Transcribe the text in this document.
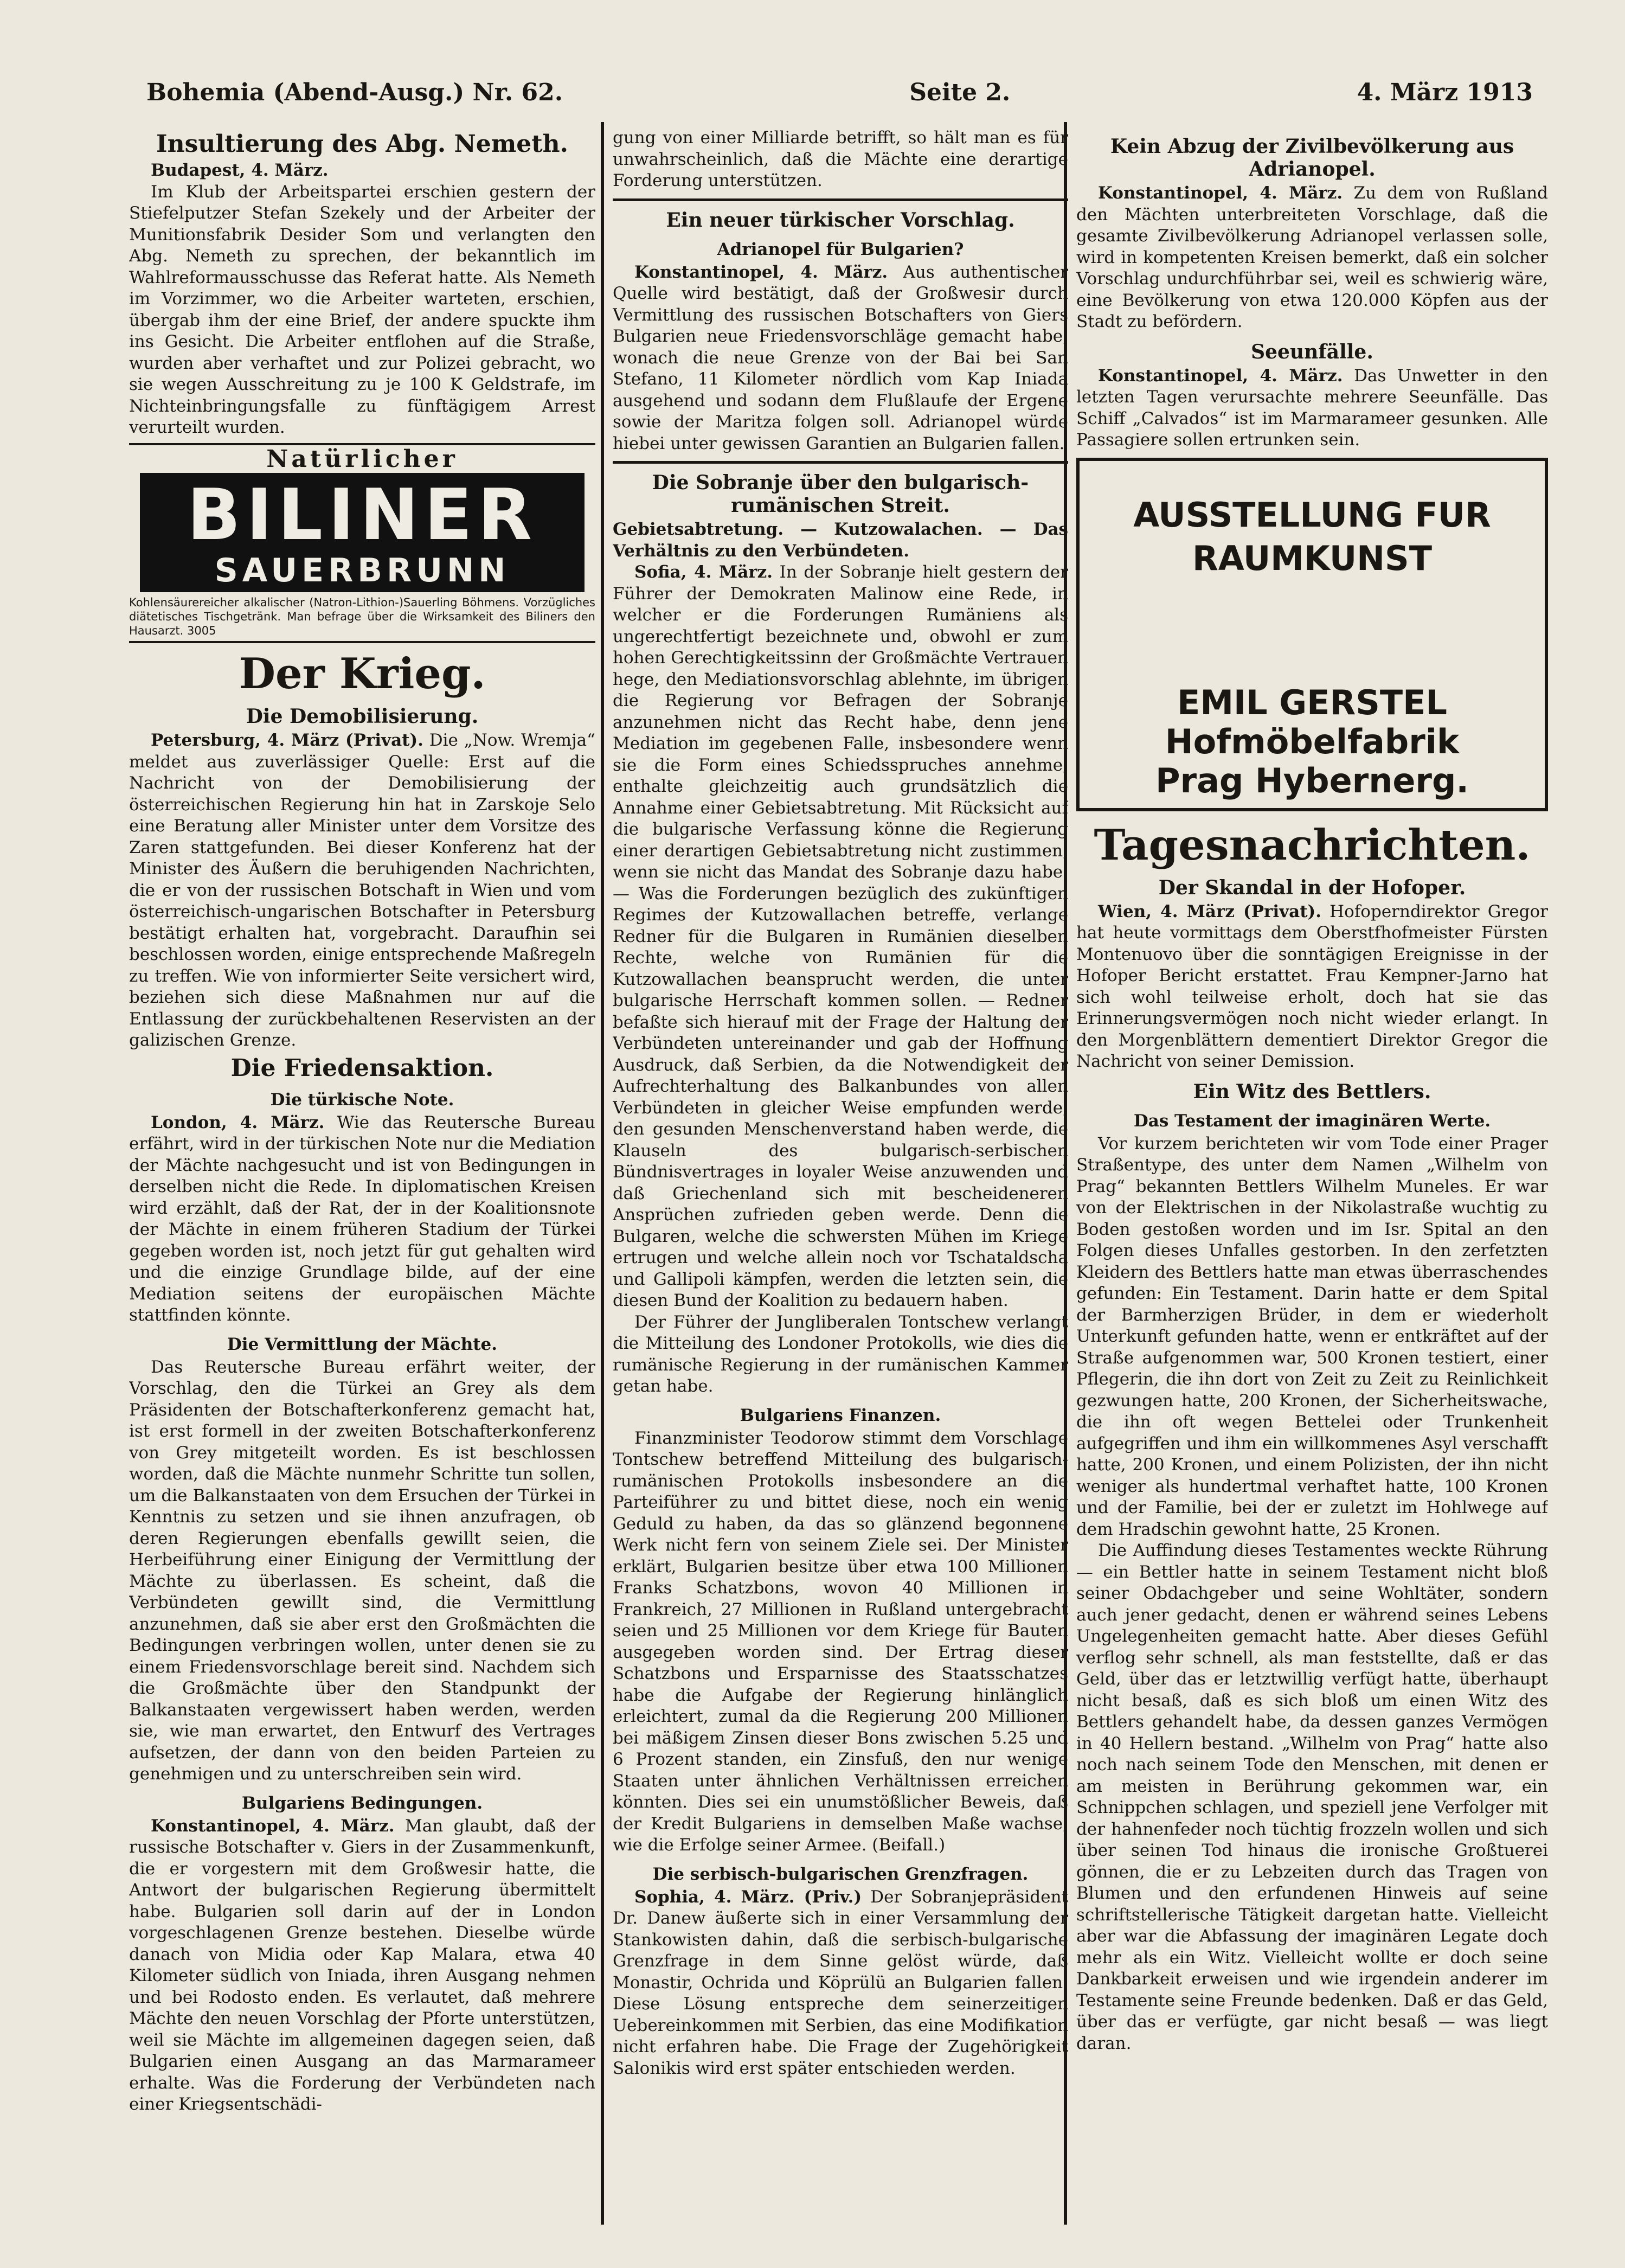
Bohemia (Abend-Ausg.) Nr. 62.	Seite 2.	4. März 1913
Insultierung des Abg. Nemeth.

Budapest, 4. März.

Im Klub der Arbeitspartei erschien gestern der Stiefelputzer Stefan Szekely und der Arbeiter der Munitionsfabrik Desider Som und verlangten den Abg. Nemeth zu sprechen, der bekanntlich im Wahlreformausschusse das Referat hatte. Als Nemeth im Vorzimmer, wo die Arbeiter warteten, erschien, übergab ihm der eine Brief, der andere spuckte ihm ins Gesicht. Die Arbeiter entflohen auf die Straße, wurden aber verhaftet und zur Polizei gebracht, wo sie wegen Ausschreitung zu je 100 K Geldstrafe, im Nichteinbringungsfalle zu fünftägigem Arrest verurteilt wurden.

Natürlicher
BILINER
SAUERBRUNN
Kohlensäurereicher alkalischer (Natron-Lithion-)Sauerling Böhmens. Vorzügliches diätetisches Tischgetränk. Man befrage über die Wirksamkeit des Biliners den Hausarzt. 3005
Der Krieg.
Die Demobilisierung.

Petersburg, 4. März (Privat). Die „Now. Wremja“ meldet aus zuverlässiger Quelle: Erst auf die Nachricht von der Demobilisierung der österreichischen Regierung hin hat in Zarskoje Selo eine Beratung aller Minister unter dem Vorsitze des Zaren stattgefunden. Bei dieser Konferenz hat der Minister des Äußern die beruhigenden Nachrichten, die er von der russischen Botschaft in Wien und vom österreichisch-ungarischen Botschafter in Petersburg bestätigt erhalten hat, vorgebracht. Daraufhin sei beschlossen worden, einige entsprechende Maßregeln zu treffen. Wie von informierter Seite versichert wird, beziehen sich diese Maßnahmen nur auf die Entlassung der zurückbehaltenen Reservisten an der galizischen Grenze.

Die Friedensaktion.
Die türkische Note.

London, 4. März. Wie das Reutersche Bureau erfährt, wird in der türkischen Note nur die Mediation der Mächte nachgesucht und ist von Bedingungen in derselben nicht die Rede. In diplomatischen Kreisen wird erzählt, daß der Rat, der in der Koalitionsnote der Mächte in einem früheren Stadium der Türkei gegeben worden ist, noch jetzt für gut gehalten wird und die einzige Grundlage bilde, auf der eine Mediation seitens der europäischen Mächte stattfinden könnte.

Die Vermittlung der Mächte.

Das Reutersche Bureau erfährt weiter, der Vorschlag, den die Türkei an Grey als dem Präsidenten der Botschafterkonferenz gemacht hat, ist erst formell in der zweiten Botschafterkonferenz von Grey mitgeteilt worden. Es ist beschlossen worden, daß die Mächte nunmehr Schritte tun sollen, um die Balkanstaaten von dem Ersuchen der Türkei in Kenntnis zu setzen und sie ihnen anzufragen, ob deren Regierungen ebenfalls gewillt seien, die Herbeiführung einer Einigung der Vermittlung der Mächte zu überlassen. Es scheint, daß die Verbündeten gewillt sind, die Vermittlung anzunehmen, daß sie aber erst den Großmächten die Bedingungen verbringen wollen, unter denen sie zu einem Friedensvorschlage bereit sind. Nachdem sich die Großmächte über den Standpunkt der Balkanstaaten vergewissert haben werden, werden sie, wie man erwartet, den Entwurf des Vertrages aufsetzen, der dann von den beiden Parteien zu genehmigen und zu unterschreiben sein wird.

Bulgariens Bedingungen.

Konstantinopel, 4. März. Man glaubt, daß der russische Botschafter v. Giers in der Zusammenkunft, die er vorgestern mit dem Großwesir hatte, die Antwort der bulgarischen Regierung übermittelt habe. Bulgarien soll darin auf der in London vorgeschlagenen Grenze bestehen. Dieselbe würde danach von Midia oder Kap Malara, etwa 40 Kilometer südlich von Iniada, ihren Ausgang nehmen und bei Rodosto enden. Es verlautet, daß mehrere Mächte den neuen Vorschlag der Pforte unterstützen, weil sie Mächte im allgemeinen dagegen seien, daß Bulgarien einen Ausgang an das Marmarameer erhalte. Was die Forderung der Verbündeten nach einer Kriegsentschädi-

gung von einer Milliarde betrifft, so hält man es für unwahrscheinlich, daß die Mächte eine derartige Forderung unterstützen.

Ein neuer türkischer Vorschlag.
Adrianopel für Bulgarien?

Konstantinopel, 4. März. Aus authentischer Quelle wird bestätigt, daß der Großwesir durch Vermittlung des russischen Botschafters von Giers Bulgarien neue Friedensvorschläge gemacht habe, wonach die neue Grenze von der Bai bei San Stefano, 11 Kilometer nördlich vom Kap Iniada ausgehend und sodann dem Flußlaufe der Ergene sowie der Maritza folgen soll. Adrianopel würde hiebei unter gewissen Garantien an Bulgarien fallen.

Die Sobranje über den bulgarisch-rumänischen Streit.

Gebietsabtretung. — Kutzowalachen. — Das Verhältnis zu den Verbündeten.

Sofia, 4. März. In der Sobranje hielt gestern der Führer der Demokraten Malinow eine Rede, in welcher er die Forderungen Rumäniens als ungerechtfertigt bezeichnete und, obwohl er zum hohen Gerechtigkeitssinn der Großmächte Vertrauen hege, den Mediationsvorschlag ablehnte, im übrigen die Regierung vor Befragen der Sobranje anzunehmen nicht das Recht habe, denn jene Mediation im gegebenen Falle, insbesondere wenn sie die Form eines Schiedsspruches annehme, enthalte gleichzeitig auch grundsätzlich die Annahme einer Gebietsabtretung. Mit Rücksicht auf die bulgarische Verfassung könne die Regierung einer derartigen Gebietsabtretung nicht zustimmen, wenn sie nicht das Mandat des Sobranje dazu habe. — Was die Forderungen bezüglich des zukünftigen Regimes der Kutzowallachen betreffe, verlange Redner für die Bulgaren in Rumänien dieselben Rechte, welche von Rumänien für die Kutzowallachen beansprucht werden, die unter bulgarische Herrschaft kommen sollen. — Redner befaßte sich hierauf mit der Frage der Haltung der Verbündeten untereinander und gab der Hoffnung Ausdruck, daß Serbien, da die Notwendigkeit der Aufrechterhaltung des Balkanbundes von allen Verbündeten in gleicher Weise empfunden werde, den gesunden Menschenverstand haben werde, die Klauseln des bulgarisch-serbischen Bündnisvertrages in loyaler Weise anzuwenden und daß Griechenland sich mit bescheideneren Ansprüchen zufrieden geben werde. Denn die Bulgaren, welche die schwersten Mühen im Kriege ertrugen und welche allein noch vor Tschataldscha und Gallipoli kämpfen, werden die letzten sein, die diesen Bund der Koalition zu bedauern haben.

Der Führer der Jungliberalen Tontschew verlangt die Mitteilung des Londoner Protokolls, wie dies die rumänische Regierung in der rumänischen Kammer getan habe.

Bulgariens Finanzen.

Finanzminister Teodorow stimmt dem Vorschlage Tontschew betreffend Mitteilung des bulgarisch-rumänischen Protokolls insbesondere an die Parteiführer zu und bittet diese, noch ein wenig Geduld zu haben, da das so glänzend begonnene Werk nicht fern von seinem Ziele sei. Der Minister erklärt, Bulgarien besitze über etwa 100 Millionen Franks Schatzbons, wovon 40 Millionen in Frankreich, 27 Millionen in Rußland untergebracht seien und 25 Millionen vor dem Kriege für Bauten ausgegeben worden sind. Der Ertrag dieser Schatzbons und Ersparnisse des Staatsschatzes habe die Aufgabe der Regierung hinlänglich erleichtert, zumal da die Regierung 200 Millionen bei mäßigem Zinsen dieser Bons zwischen 5.25 und 6 Prozent standen, ein Zinsfuß, den nur wenige Staaten unter ähnlichen Verhältnissen erreichen könnten. Dies sei ein unumstößlicher Beweis, daß der Kredit Bulgariens in demselben Maße wachse, wie die Erfolge seiner Armee. (Beifall.)

Die serbisch-bulgarischen Grenzfragen.

Sophia, 4. März. (Priv.) Der Sobranjepräsident Dr. Danew äußerte sich in einer Versammlung der Stankowisten dahin, daß die serbisch-bulgarische Grenzfrage in dem Sinne gelöst würde, daß Monastir, Ochrida und Köprülü an Bulgarien fallen. Diese Lösung entspreche dem seinerzeitigen Uebereinkommen mit Serbien, das eine Modifikation nicht erfahren habe. Die Frage der Zugehörigkeit Salonikis wird erst später entschieden werden.

Kein Abzug der Zivilbevölkerung aus Adrianopel.

Konstantinopel, 4. März. Zu dem von Rußland den Mächten unterbreiteten Vorschlage, daß die gesamte Zivilbevölkerung Adrianopel verlassen solle, wird in kompetenten Kreisen bemerkt, daß ein solcher Vorschlag undurchführbar sei, weil es schwierig wäre, eine Bevölkerung von etwa 120.000 Köpfen aus der Stadt zu befördern.

Seeunfälle.

Konstantinopel, 4. März. Das Unwetter in den letzten Tagen verursachte mehrere Seeunfälle. Das Schiff „Calvados“ ist im Marmarameer gesunken. Alle Passagiere sollen ertrunken sein.

AUSSTELLUNG FUR
RAUMKUNST
EMIL GERSTEL
Hofmöbelfabrik
Prag Hybernerg.
Tagesnachrichten.
Der Skandal in der Hofoper.

Wien, 4. März (Privat). Hofoperndirektor Gregor hat heute vormittags dem Oberstfhofmeister Fürsten Montenuovo über die sonntägigen Ereignisse in der Hofoper Bericht erstattet. Frau Kempner-Jarno hat sich wohl teilweise erholt, doch hat sie das Erinnerungsvermögen noch nicht wieder erlangt. In den Morgenblättern dementiert Direktor Gregor die Nachricht von seiner Demission.

Ein Witz des Bettlers.
Das Testament der imaginären Werte.

Vor kurzem berichteten wir vom Tode einer Prager Straßentype, des unter dem Namen „Wilhelm von Prag“ bekannten Bettlers Wilhelm Muneles. Er war von der Elektrischen in der Nikolastraße wuchtig zu Boden gestoßen worden und im Isr. Spital an den Folgen dieses Unfalles gestorben. In den zerfetzten Kleidern des Bettlers hatte man etwas überraschendes gefunden: Ein Testament. Darin hatte er dem Spital der Barmherzigen Brüder, in dem er wiederholt Unterkunft gefunden hatte, wenn er entkräftet auf der Straße aufgenommen war, 500 Kronen testiert, einer Pflegerin, die ihn dort von Zeit zu Zeit zu Reinlichkeit gezwungen hatte, 200 Kronen, der Sicherheitswache, die ihn oft wegen Bettelei oder Trunkenheit aufgegriffen und ihm ein willkommenes Asyl verschafft hatte, 200 Kronen, und einem Polizisten, der ihn nicht weniger als hundertmal verhaftet hatte, 100 Kronen und der Familie, bei der er zuletzt im Hohlwege auf dem Hradschin gewohnt hatte, 25 Kronen.

Die Auffindung dieses Testamentes weckte Rührung — ein Bettler hatte in seinem Testament nicht bloß seiner Obdachgeber und seine Wohltäter, sondern auch jener gedacht, denen er während seines Lebens Ungelegenheiten gemacht hatte. Aber dieses Gefühl verflog sehr schnell, als man feststellte, daß er das Geld, über das er letztwillig verfügt hatte, überhaupt nicht besaß, daß es sich bloß um einen Witz des Bettlers gehandelt habe, da dessen ganzes Vermögen in 40 Hellern bestand. „Wilhelm von Prag“ hatte also noch nach seinem Tode den Menschen, mit denen er am meisten in Berührung gekommen war, ein Schnippchen schlagen, und speziell jene Verfolger mit der hahnenfeder noch tüchtig frozzeln wollen und sich über seinen Tod hinaus die ironische Großtuerei gönnen, die er zu Lebzeiten durch das Tragen von Blumen und den erfundenen Hinweis auf seine schriftstellerische Tätigkeit dargetan hatte. Vielleicht aber war die Abfassung der imaginären Legate doch mehr als ein Witz. Vielleicht wollte er doch seine Dankbarkeit erweisen und wie irgendein anderer im Testamente seine Freunde bedenken. Daß er das Geld, über das er verfügte, gar nicht besaß — was liegt daran.
